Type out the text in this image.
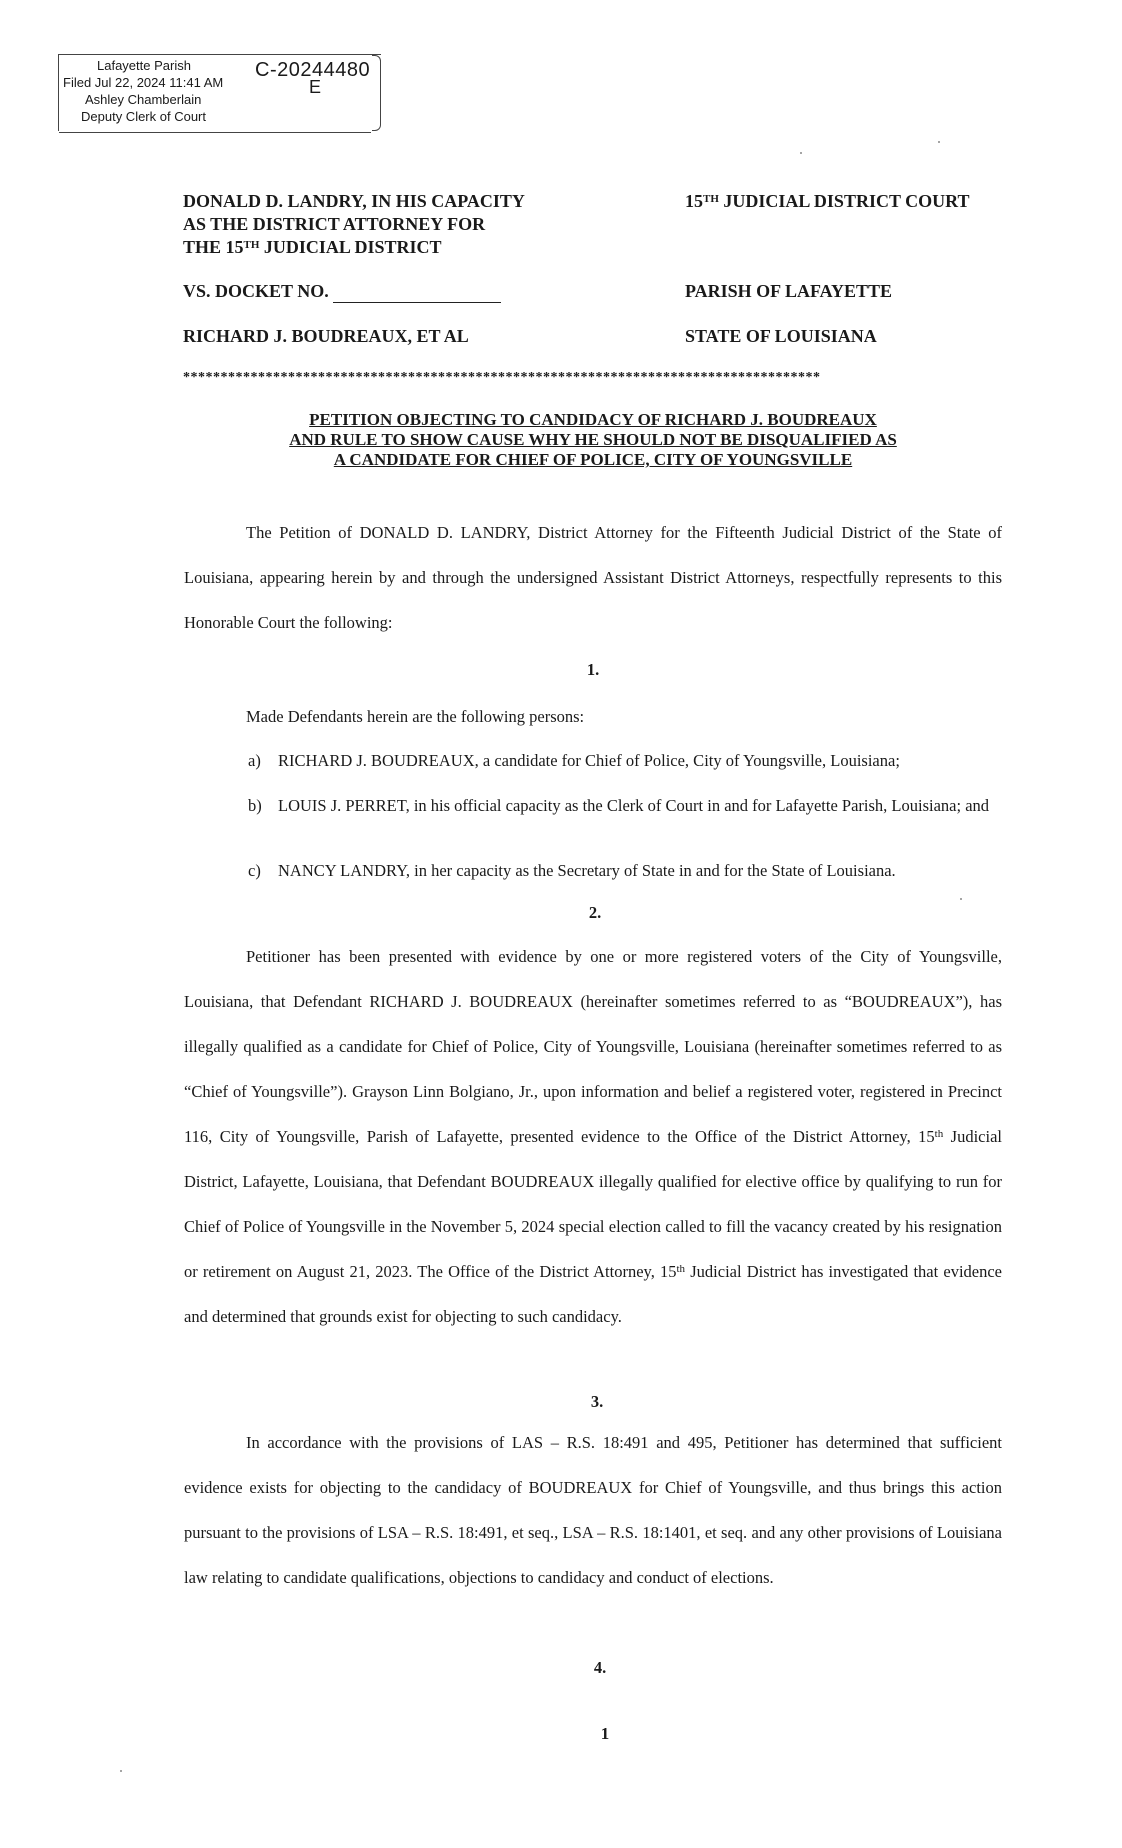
Lafayette Parish
Filed Jul 22, 2024 11:41 AM
Ashley Chamberlain
Deputy Clerk of Court
C-20244480
E
DONALD D. LANDRY, IN HIS CAPACITY
AS THE DISTRICT ATTORNEY FOR
THE 15TH JUDICIAL DISTRICT
15TH JUDICIAL DISTRICT COURT
VS. DOCKET NO.	PARISH OF LAFAYETTE
RICHARD J. BOUDREAUX, ET AL	STATE OF LOUISIANA
*************************************************************************************
PETITION OBJECTING TO CANDIDACY OF RICHARD J. BOUDREAUX
AND RULE TO SHOW CAUSE WHY HE SHOULD NOT BE DISQUALIFIED AS
A CANDIDATE FOR CHIEF OF POLICE, CITY OF YOUNGSVILLE
The Petition of DONALD D. LANDRY, District Attorney for the Fifteenth Judicial District of the State of Louisiana, appearing herein by and through the undersigned Assistant District Attorneys, respectfully represents to this Honorable Court the following:
1.
Made Defendants herein are the following persons:
a) RICHARD J. BOUDREAUX, a candidate for Chief of Police, City of Youngsville, Louisiana;
b) LOUIS J. PERRET, in his official capacity as the Clerk of Court in and for Lafayette Parish, Louisiana; and
c) NANCY LANDRY, in her capacity as the Secretary of State in and for the State of Louisiana.
2.
Petitioner has been presented with evidence by one or more registered voters of the City of Youngsville, Louisiana, that Defendant RICHARD J. BOUDREAUX (hereinafter sometimes referred to as “BOUDREAUX”), has illegally qualified as a candidate for Chief of Police, City of Youngsville, Louisiana (hereinafter sometimes referred to as “Chief of Youngsville”). Grayson Linn Bolgiano, Jr., upon information and belief a registered voter, registered in Precinct 116, City of Youngsville, Parish of Lafayette, presented evidence to the Office of the District Attorney, 15th Judicial District, Lafayette, Louisiana, that Defendant BOUDREAUX illegally qualified for elective office by qualifying to run for Chief of Police of Youngsville in the November 5, 2024 special election called to fill the vacancy created by his resignation or retirement on August 21, 2023. The Office of the District Attorney, 15th Judicial District has investigated that evidence and determined that grounds exist for objecting to such candidacy.
3.
In accordance with the provisions of LAS – R.S. 18:491 and 495, Petitioner has determined that sufficient evidence exists for objecting to the candidacy of BOUDREAUX for Chief of Youngsville, and thus brings this action pursuant to the provisions of LSA – R.S. 18:491, et seq., LSA – R.S. 18:1401, et seq. and any other provisions of Louisiana law relating to candidate qualifications, objections to candidacy and conduct of elections.
4.
1
